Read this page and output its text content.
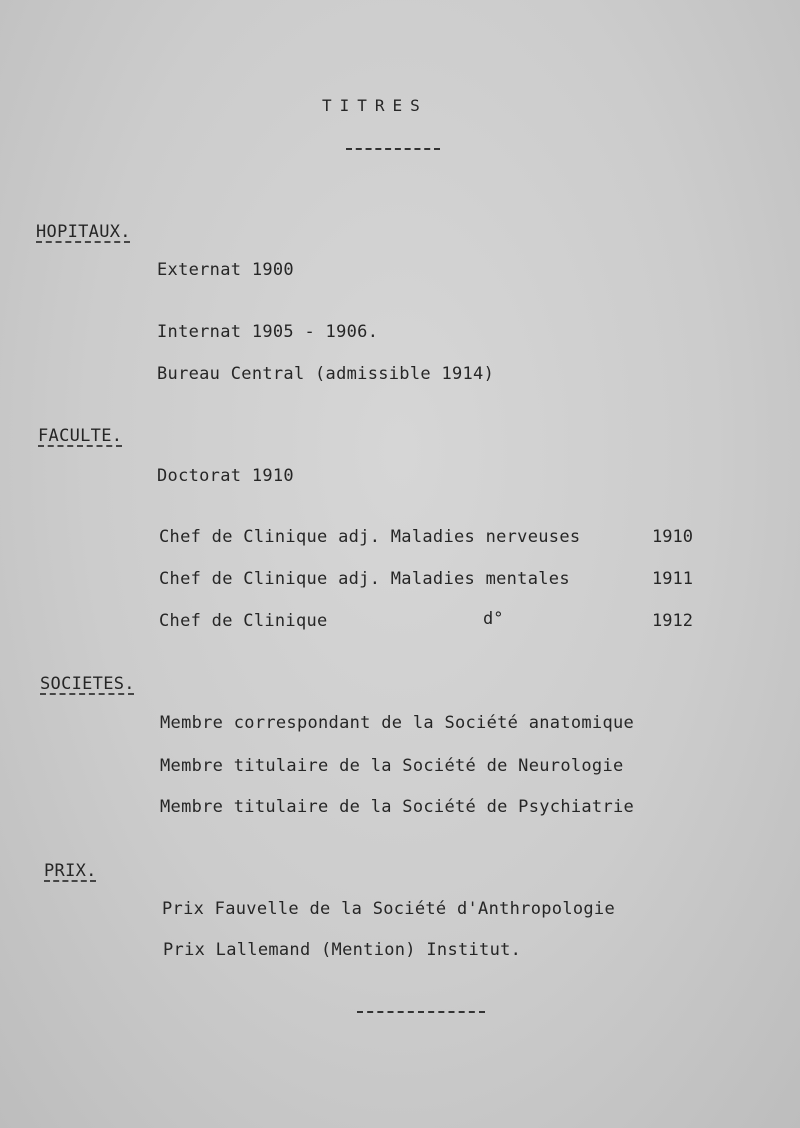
TITRES
HOPITAUX.
Externat 1900
Internat 1905 - 1906.
Bureau Central (admissible 1914)
FACULTE.
Doctorat 1910
Chef de Clinique adj. Maladies nerveuses	1910
Chef de Clinique adj. Maladies mentales	1911
Chef de Clinique	d°	1912
SOCIETES.
Membre correspondant de la Société anatomique
Membre titulaire de la Société de Neurologie
Membre titulaire de la Société de Psychiatrie
PRIX.
Prix Fauvelle de la Société d'Anthropologie
Prix Lallemand (Mention) Institut.
